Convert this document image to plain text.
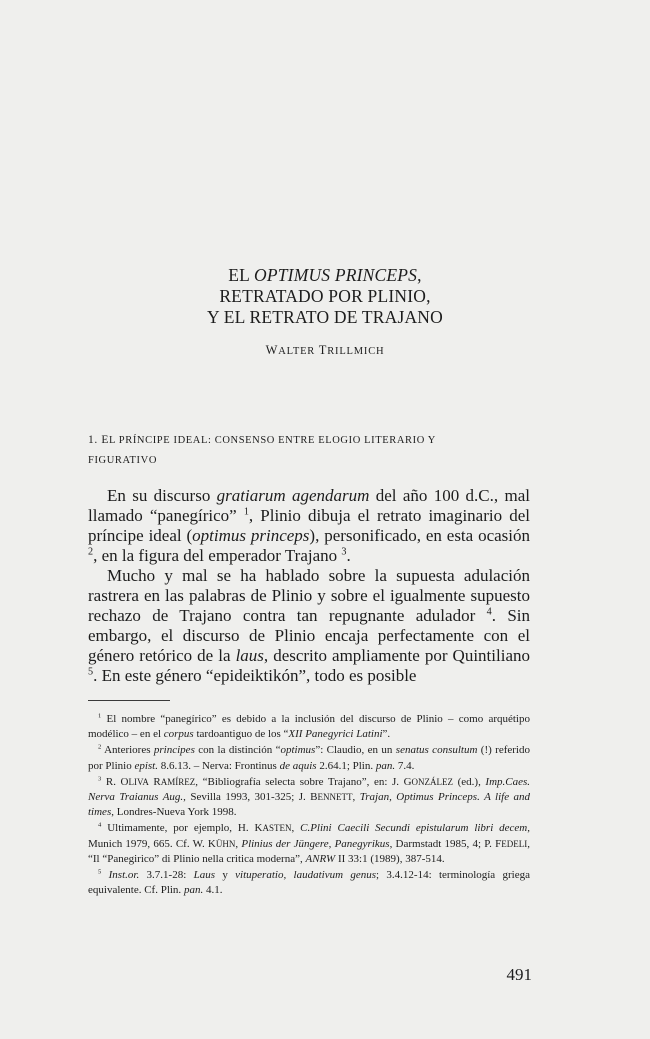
EL OPTIMUS PRINCEPS,
RETRATADO POR PLINIO,
Y EL RETRATO DE TRAJANO
WALTER TRILLMICH
1. EL PRÍNCIPE IDEAL: CONSENSO ENTRE ELOGIO LITERARIO Y
FIGURATIVO

En su discurso gratiarum agendarum del año 100 d.C., mal llamado “panegírico” $^1$, Plinio dibuja el retrato imaginario del príncipe ideal (optimus princeps), personificado, en esta ocasión $^2$, en la figura del emperador Trajano $^3$.

Mucho y mal se ha hablado sobre la supuesta adulación rastrera en las palabras de Plinio y sobre el igualmente supuesto rechazo de Trajano contra tan repugnante adulador $^4$. Sin embargo, el discurso de Plinio encaja perfectamente con el género retórico de la laus, descrito ampliamente por Quintiliano $^5$. En este género “epideiktikón”, todo es posible

$^1$ El nombre “panegírico” es debido a la inclusión del discurso de Plinio – como arquétipo modélico – en el corpus tardoantiguo de los “XII Panegyrici Latini”.

$^2$ Anteriores principes con la distinción “optimus”: Claudio, en un senatus consultum (!) referido por Plinio epist. 8.6.13. – Nerva: Frontinus de aquis 2.64.1; Plin. pan. 7.4.

$^3$ R. OLIVA RAMÍREZ, “Bibliografía selecta sobre Trajano”, en: J. GONZÁLEZ (ed.), Imp.Caes. Nerva Traianus Aug., Sevilla 1993, 301-325; J. BENNETT, Trajan, Optimus Princeps. A life and times, Londres-Nueva York 1998.

$^4$ Ultimamente, por ejemplo, H. KASTEN, C.Plini Caecili Secundi epistularum libri decem, Munich 1979, 665. Cf. W. KÜHN, Plinius der Jüngere, Panegyrikus, Darmstadt 1985, 4; P. FEDELI, “Il “Panegirico” di Plinio nella critica moderna”, ANRW II 33:1 (1989), 387-514.

$^5$ Inst.or. 3.7.1-28: Laus y vituperatio, laudativum genus; 3.4.12-14: terminología griega equivalente. Cf. Plin. pan. 4.1.

491
